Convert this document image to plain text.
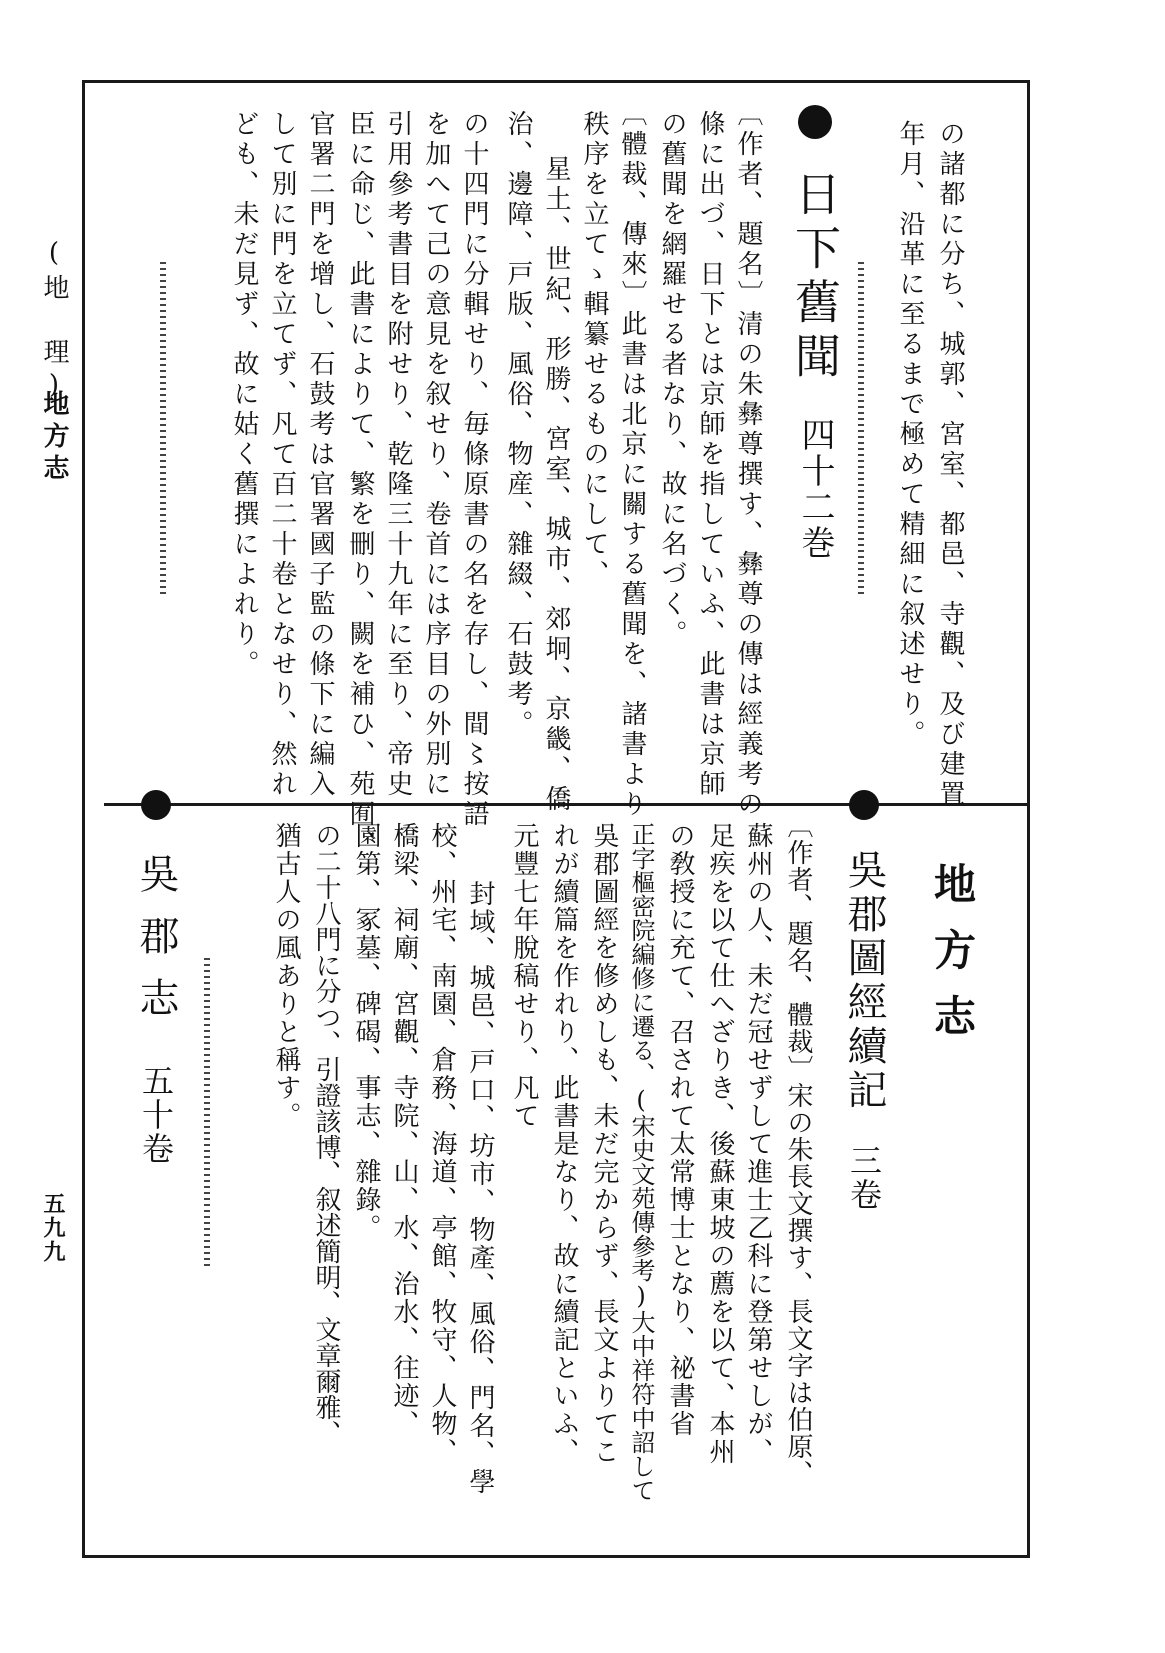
(地　理)
地方志
五九九
の諸都に分ち、城郭、宮室、都邑、寺觀、及び建置
年月、沿革に至るまで極めて精細に叙述せり。
日下舊聞 四十二巻
〔作者、題名〕清の朱彝尊撰す、彝尊の傳は經義考の
條に出づ、日下とは京師を指していふ、此書は京師
の舊聞を網羅せる者なり、故に名づく。
〔體裁、傳來〕此書は北京に關する舊聞を、諸書より
秩序を立てゝ輯纂せるものにして、
　星土、世紀、形勝、宮室、城市、郊坰、京畿、僑
治、邊障、戸版、風俗、物産、雜綴、石鼓考。
の十四門に分輯せり、毎條原書の名を存し、間〻按語
を加へて己の意見を叙せり、卷首には序目の外別に
引用參考書目を附せり、乾隆三十九年に至り、帝史
臣に命じ、此書によりて、繁を刪り、闕を補ひ、苑囿、
官署二門を增し、石鼓考は官署國子監の條下に編入
して別に門を立てず、凡て百二十卷となせり、然れ
ども、未だ見ず、故に姑く舊撰によれり。
地方志
吳郡圖經續記 三卷
〔作者、題名、體裁〕宋の朱長文撰す、長文字は伯原、
蘇州の人、未だ冠せずして進士乙科に登第せしが、
足疾を以て仕へざりき、後蘇東坡の薦を以て、本州
の敎授に充て、召されて太常博士となり、祕書省
正字樞密院編修に遷る、(宋史文苑傳參考)大中祥符中詔して
吳郡圖經を修めしも、未だ完からず、長文よりてこ
れが續篇を作れり、此書是なり、故に續記といふ、
元豐七年脫稿せり、凡て
　封域、城邑、戸口、坊市、物產、風俗、門名、學
校、州宅、南園、倉務、海道、亭館、牧守、人物、
橋梁、祠廟、宮觀、寺院、山、水、治水、往迹、
園第、冢墓、碑碣、事志、雜錄。
の二十八門に分つ、引證該博、叙述簡明、文章爾雅、
猶古人の風ありと稱す。
吳郡志 五十卷
